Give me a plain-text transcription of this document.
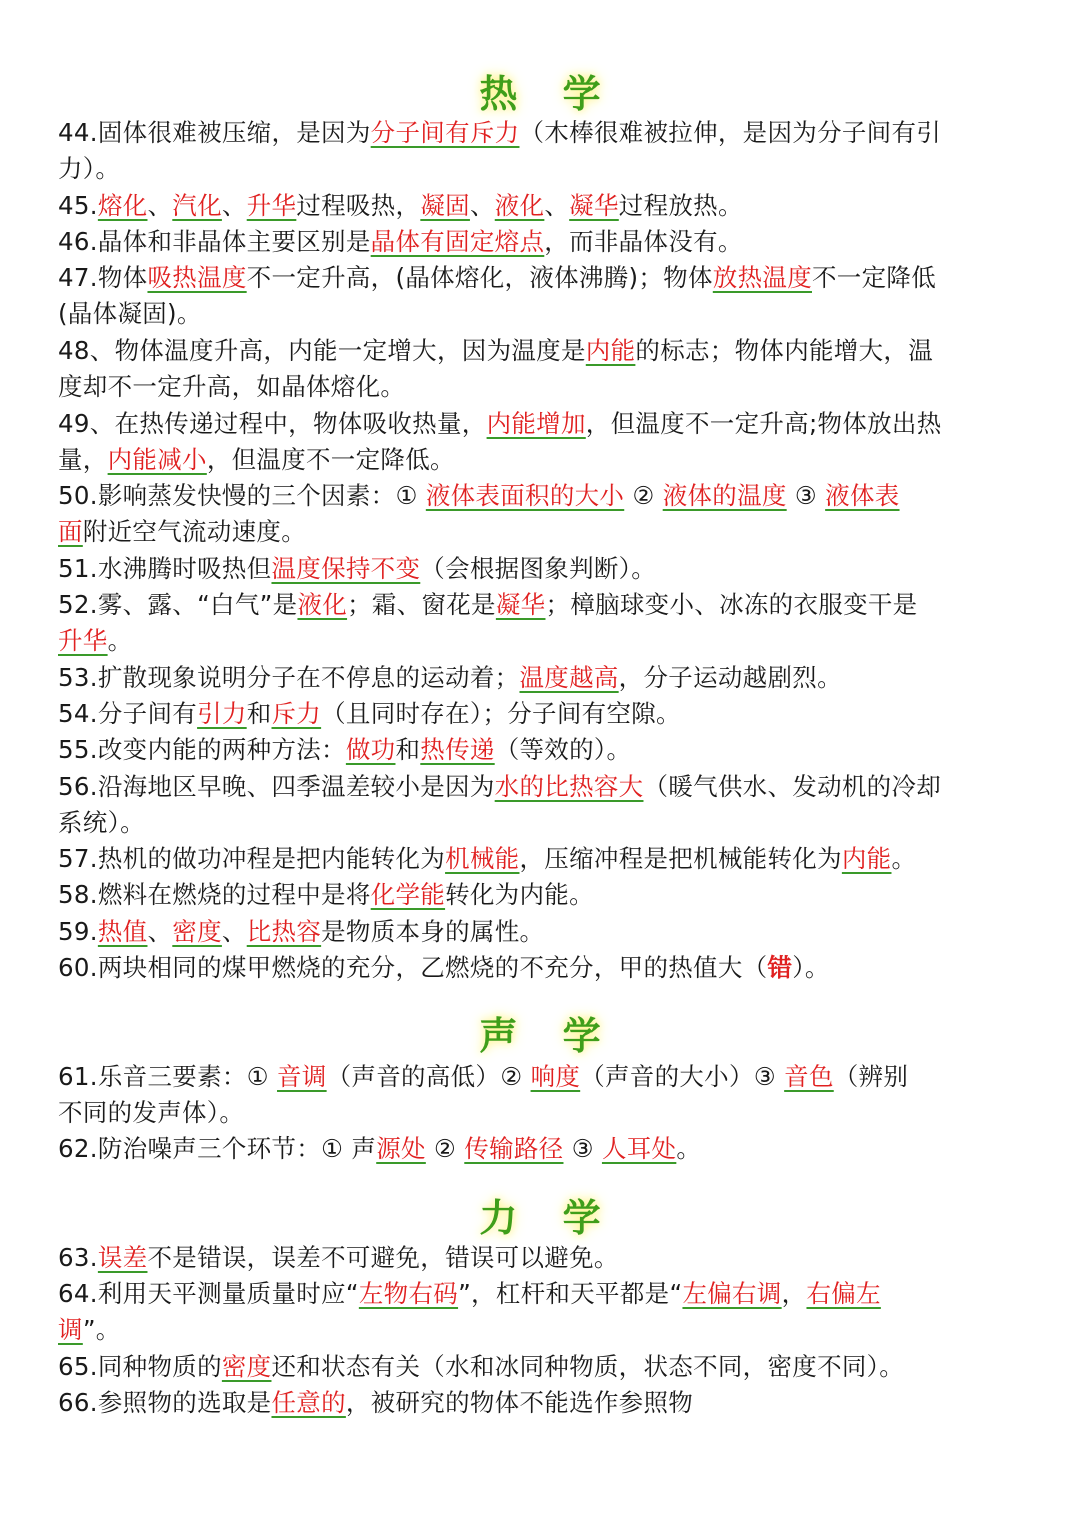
热 学
44.固体很难被压缩，是因为分子间有斥力（木棒很难被拉伸，是因为分子间有引
力）。
45.熔化、汽化、升华过程吸热，凝固、液化、凝华过程放热。
46.晶体和非晶体主要区别是晶体有固定熔点，而非晶体没有。
47.物体吸热温度不一定升高，(晶体熔化，液体沸腾)；物体放热温度不一定降低
(晶体凝固)。
48、物体温度升高，内能一定增大，因为温度是内能的标志；物体内能增大，温
度却不一定升高，如晶体熔化。
49、在热传递过程中，物体吸收热量，内能增加，但温度不一定升高;物体放出热
量，内能减小，但温度不一定降低。
50.影响蒸发快慢的三个因素：① 液体表面积的大小 ② 液体的温度 ③ 液体表
面附近空气流动速度。
51.水沸腾时吸热但温度保持不变（会根据图象判断）。
52.雾、露、“白气”是液化；霜、窗花是凝华；樟脑球变小、冰冻的衣服变干是
升华。
53.扩散现象说明分子在不停息的运动着；温度越高，分子运动越剧烈。
54.分子间有引力和斥力（且同时存在）；分子间有空隙。
55.改变内能的两种方法：做功和热传递（等效的）。
56.沿海地区早晚、四季温差较小是因为水的比热容大（暖气供水、发动机的冷却
系统）。
57.热机的做功冲程是把内能转化为机械能，压缩冲程是把机械能转化为内能。
58.燃料在燃烧的过程中是将化学能转化为内能。
59.热值、密度、比热容是物质本身的属性。
60.两块相同的煤甲燃烧的充分，乙燃烧的不充分，甲的热值大（错）。
声 学
61.乐音三要素：① 音调（声音的高低）② 响度（声音的大小）③ 音色（辨别
不同的发声体）。
62.防治噪声三个环节：① 声源处 ② 传输路径 ③ 人耳处。
力 学
63.误差不是错误，误差不可避免，错误可以避免。
64.利用天平测量质量时应“左物右码”，杠杆和天平都是“左偏右调，右偏左
调”。
65.同种物质的密度还和状态有关（水和冰同种物质，状态不同，密度不同）。
66.参照物的选取是任意的，被研究的物体不能选作参照物
